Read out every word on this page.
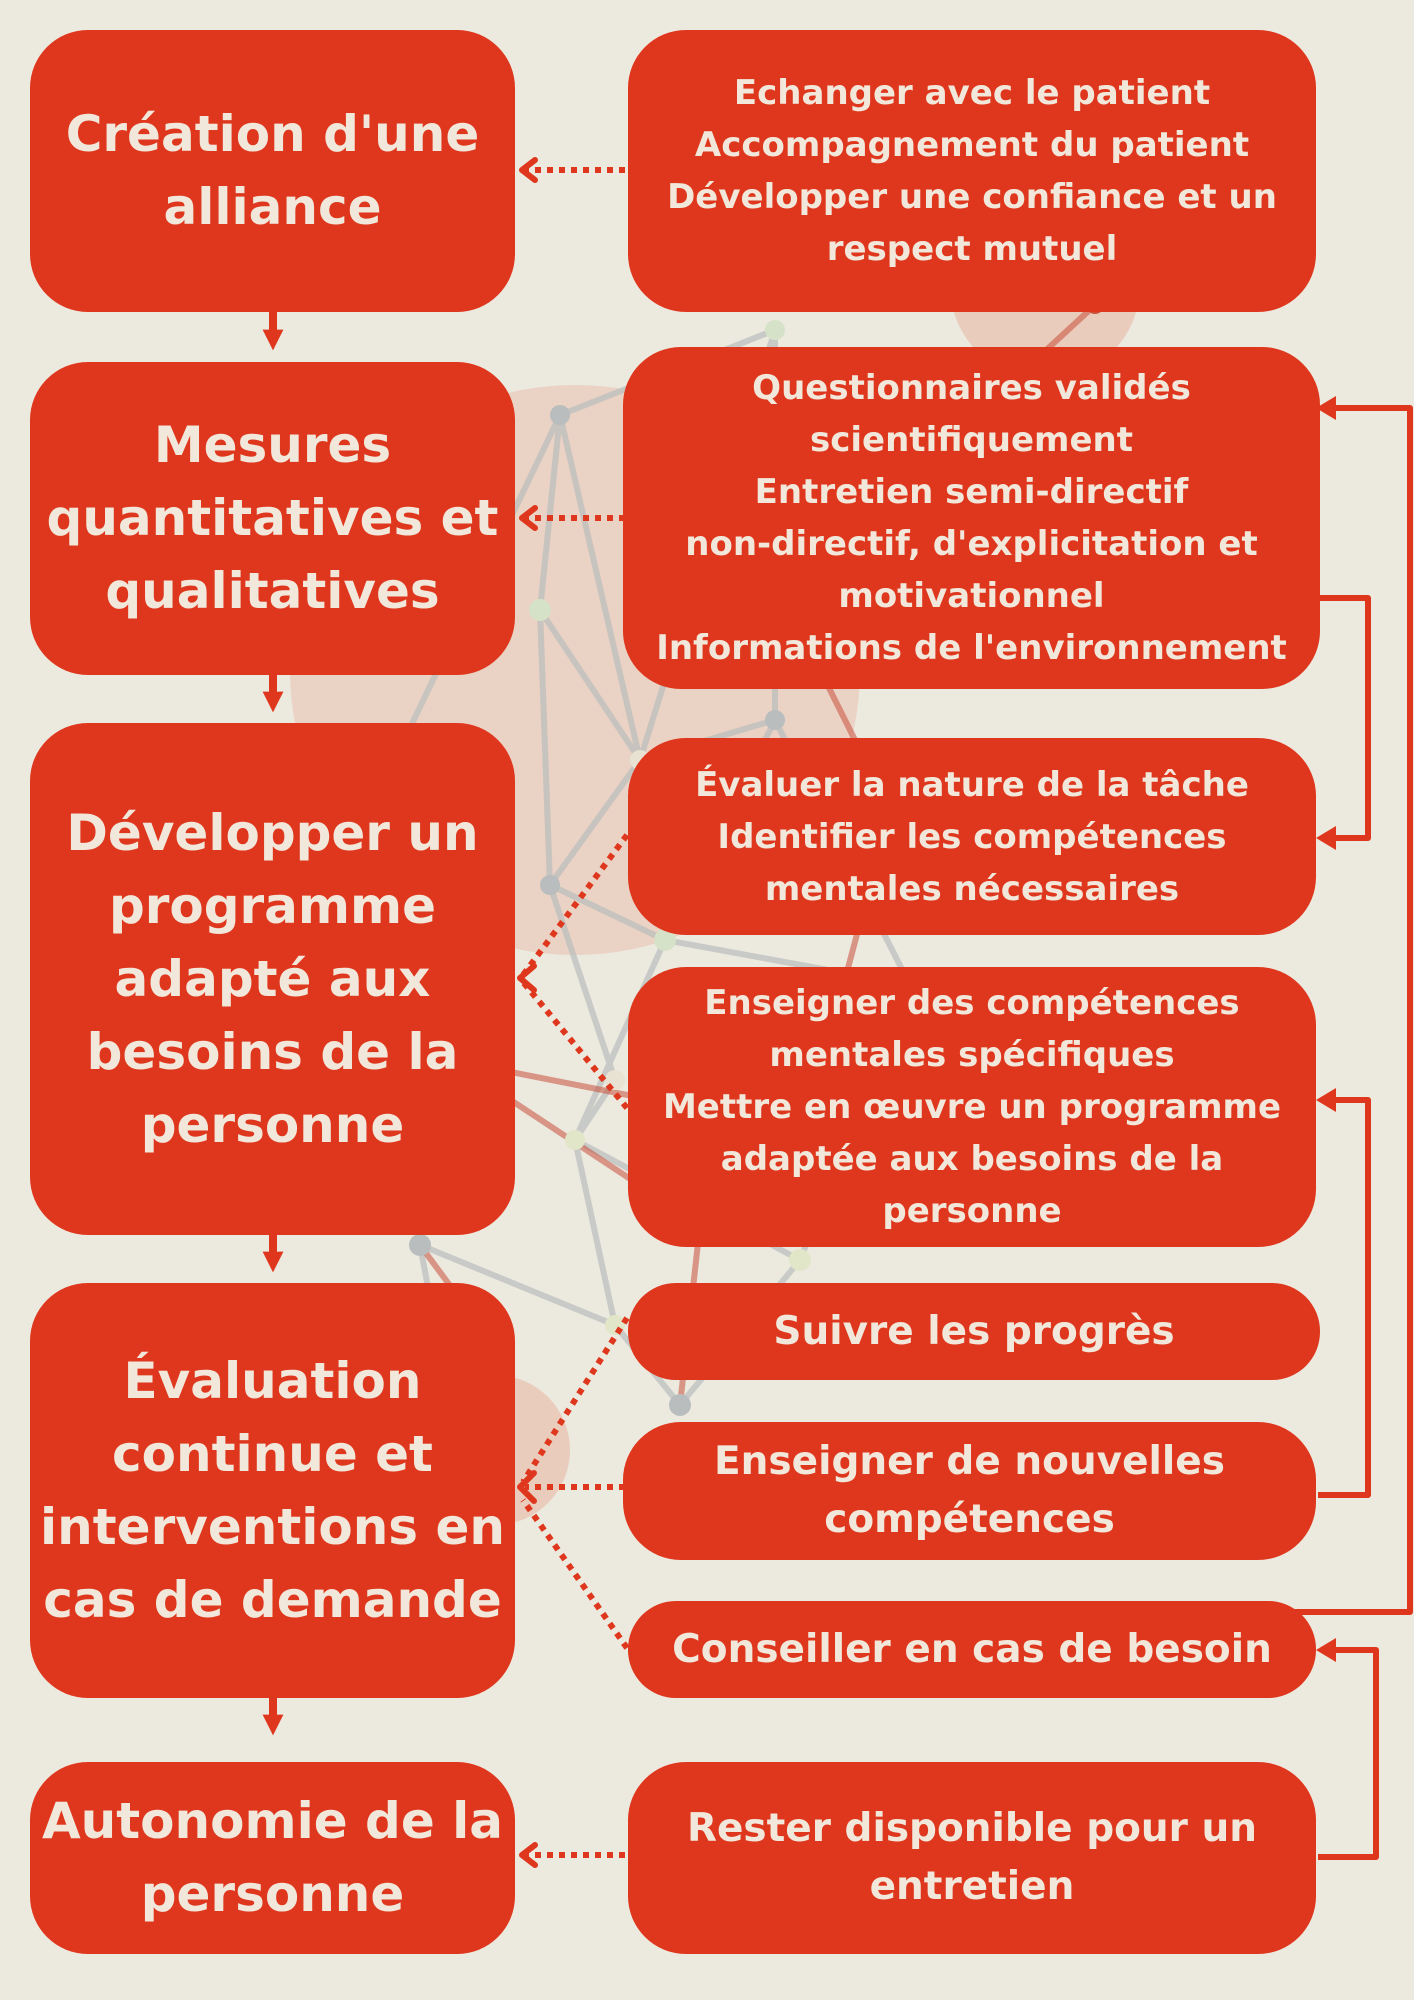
Création d'une
alliance
Mesures
quantitatives et
qualitatives
Développer un
programme
adapté aux
besoins de la
personne
Évaluation
continue et
interventions en
cas de demande
Autonomie de la
personne
Echanger avec le patient
Accompagnement du patient
Développer une confiance et un
respect mutuel
Questionnaires validés
scientifiquement
Entretien semi-directif
non-directif, d'explicitation et
motivationnel
Informations de l'environnement
Évaluer la nature de la tâche
Identifier les compétences
mentales nécessaires
Enseigner des compétences
mentales spécifiques
Mettre en œuvre un programme
adaptée aux besoins de la
personne
Suivre les progrès
Enseigner de nouvelles
compétences
Conseiller en cas de besoin
Rester disponible pour un
entretien
